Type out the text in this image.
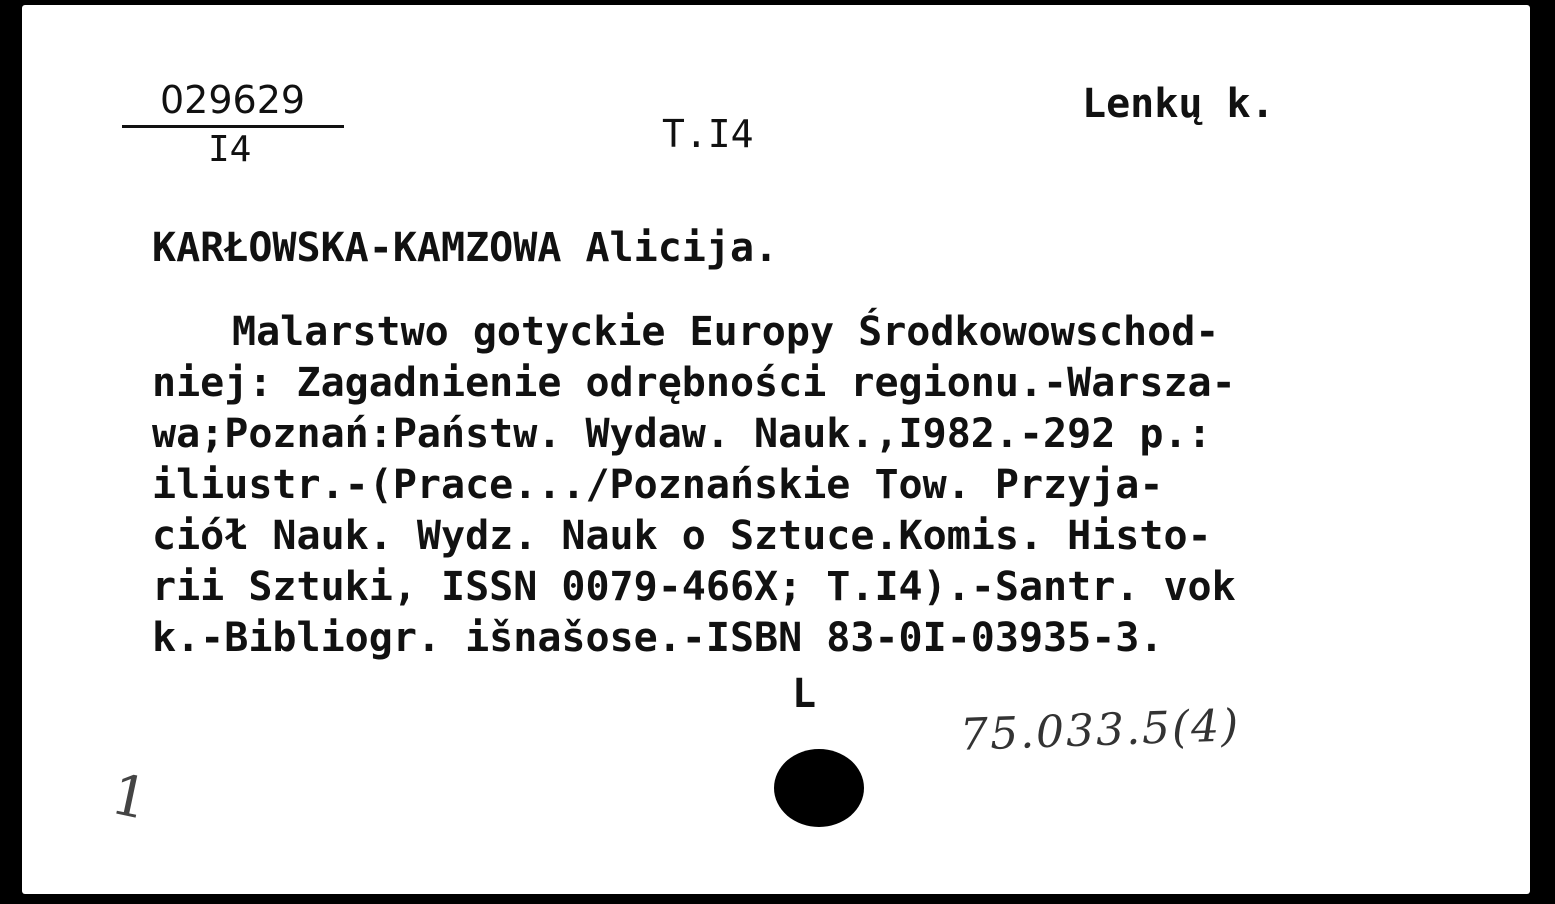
029629
I4	T.I4
Lenkų k.
KARŁOWSKA-KAMZOWA Alicija.
Malarstwo gotyckie Europy Środkowowschod-
niej: Zagadnienie odrębności regionu.-Warsza-
wa;Poznań:Państw. Wydaw. Nauk.,I982.-292 p.:
iliustr.-(Prace.../Poznańskie Tow. Przyja-
ciół Nauk. Wydz. Nauk o Sztuce.Komis. Histo-
rii Sztuki, ISSN 0079-466X; T.I4).-Santr. vok
k.-Bibliogr. išnašose.-ISBN 83-0I-03935-3.
L
75.033.5(4)
1
